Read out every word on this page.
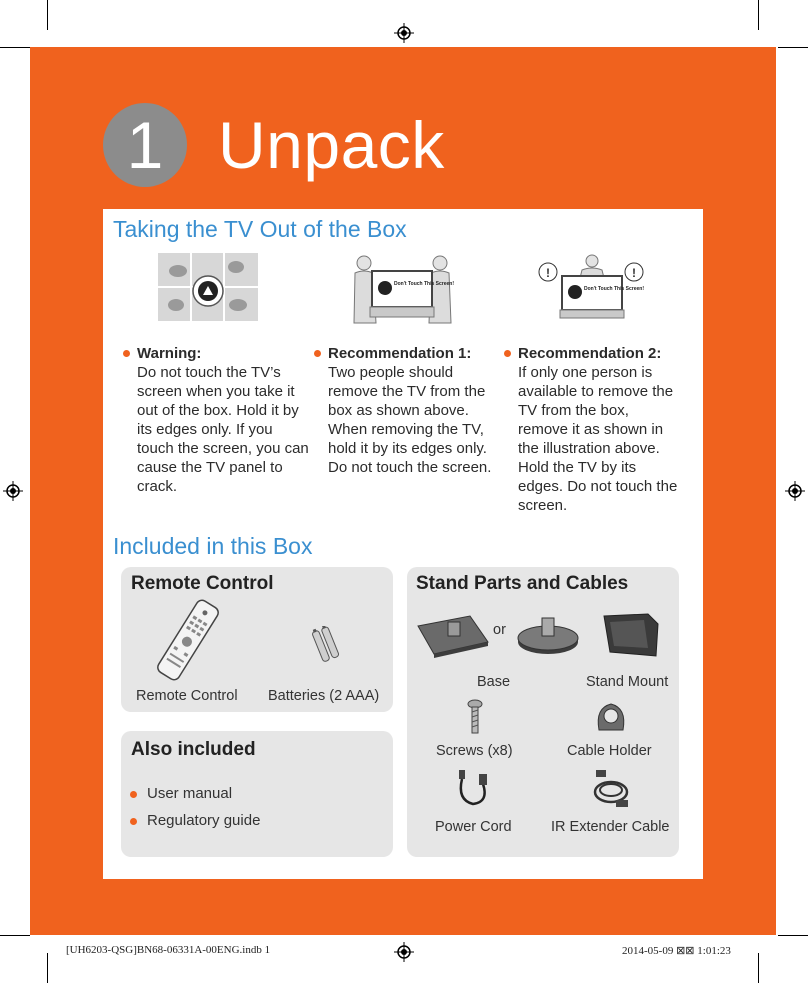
1 Unpack
Taking the TV Out of the Box
Don't Touch This Screen!
!	!
Don't Touch This Screen!
Warning:
Do not touch the TV’s screen when you take it out of the box. Hold it by its edges only. If you touch the screen, you can cause the TV panel to crack.
Recommendation 1:
Two people should remove the TV from the box as shown above. When removing the TV, hold it by its edges only. Do not touch the screen.
Recommendation 2:
If only one person is available to remove the TV from the box, remove it as shown in the illustration above. Hold the TV by its edges. Do not touch the screen.
Included in this Box
Remote Control
Remote Control Batteries (2 AAA)
Also included
User manual
Regulatory guide
Stand Parts and Cables
or
Base	Stand Mount
Screws (x8)	Cable Holder
Power Cord	IR Extender Cable
[UH6203-QSG]BN68-06331A-00ENG.indb 1	2014-05-09 ⊠⊠ 1:01:23
